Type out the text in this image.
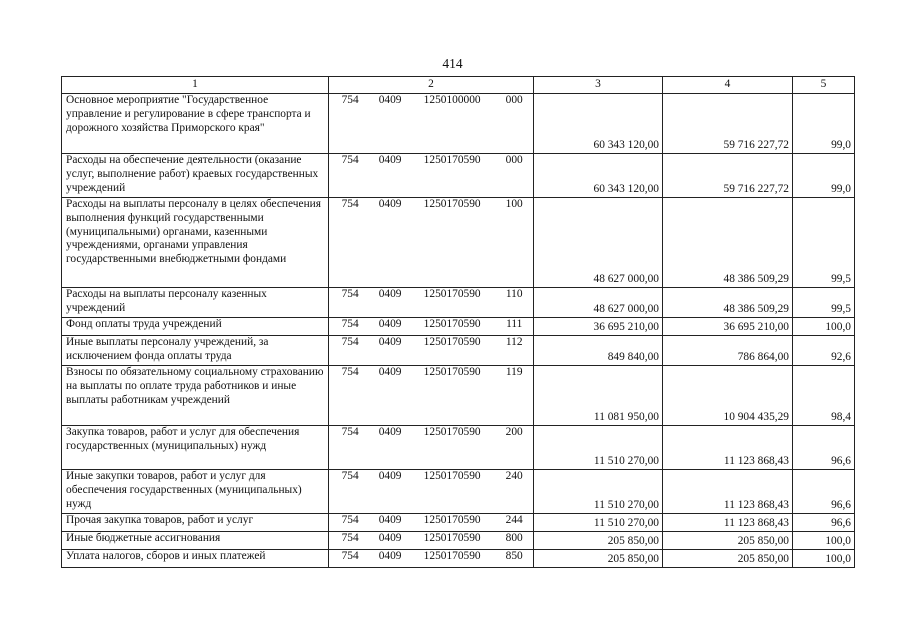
414
1	2	3	4	5
Основное мероприятие "Государственное управление и регулирование в сфере транспорта и дорожного хозяйства Приморского края"	754 0409 1250100000 000	60 343 120,00	59 716 227,72	99,0
Расходы на обеспечение деятельности (оказание услуг, выполнение работ) краевых государственных учреждений	754 0409 1250170590 000	60 343 120,00	59 716 227,72	99,0
Расходы на выплаты персоналу в целях обеспечения выполнения функций государственными (муниципальными) органами, казенными учреждениями, органами управления государственными внебюджетными фондами	754 0409 1250170590 100	48 627 000,00	48 386 509,29	99,5
Расходы на выплаты персоналу казенных учреждений	754 0409 1250170590 110	48 627 000,00	48 386 509,29	99,5
Фонд оплаты труда учреждений	754 0409 1250170590 111	36 695 210,00	36 695 210,00	100,0
Иные выплаты персоналу учреждений, за исключением фонда оплаты труда	754 0409 1250170590 112	849 840,00	786 864,00	92,6
Взносы по обязательному социальному страхованию на выплаты по оплате труда работников и иные выплаты работникам учреждений	754 0409 1250170590 119	11 081 950,00	10 904 435,29	98,4
Закупка товаров, работ и услуг для обеспечения государственных (муниципальных) нужд	754 0409 1250170590 200	11 510 270,00	11 123 868,43	96,6
Иные закупки товаров, работ и услуг для обеспечения государственных (муниципальных) нужд	754 0409 1250170590 240	11 510 270,00	11 123 868,43	96,6
Прочая закупка товаров, работ и услуг	754 0409 1250170590 244	11 510 270,00	11 123 868,43	96,6
Иные бюджетные ассигнования	754 0409 1250170590 800	205 850,00	205 850,00	100,0
Уплата налогов, сборов и иных платежей	754 0409 1250170590 850	205 850,00	205 850,00	100,0
